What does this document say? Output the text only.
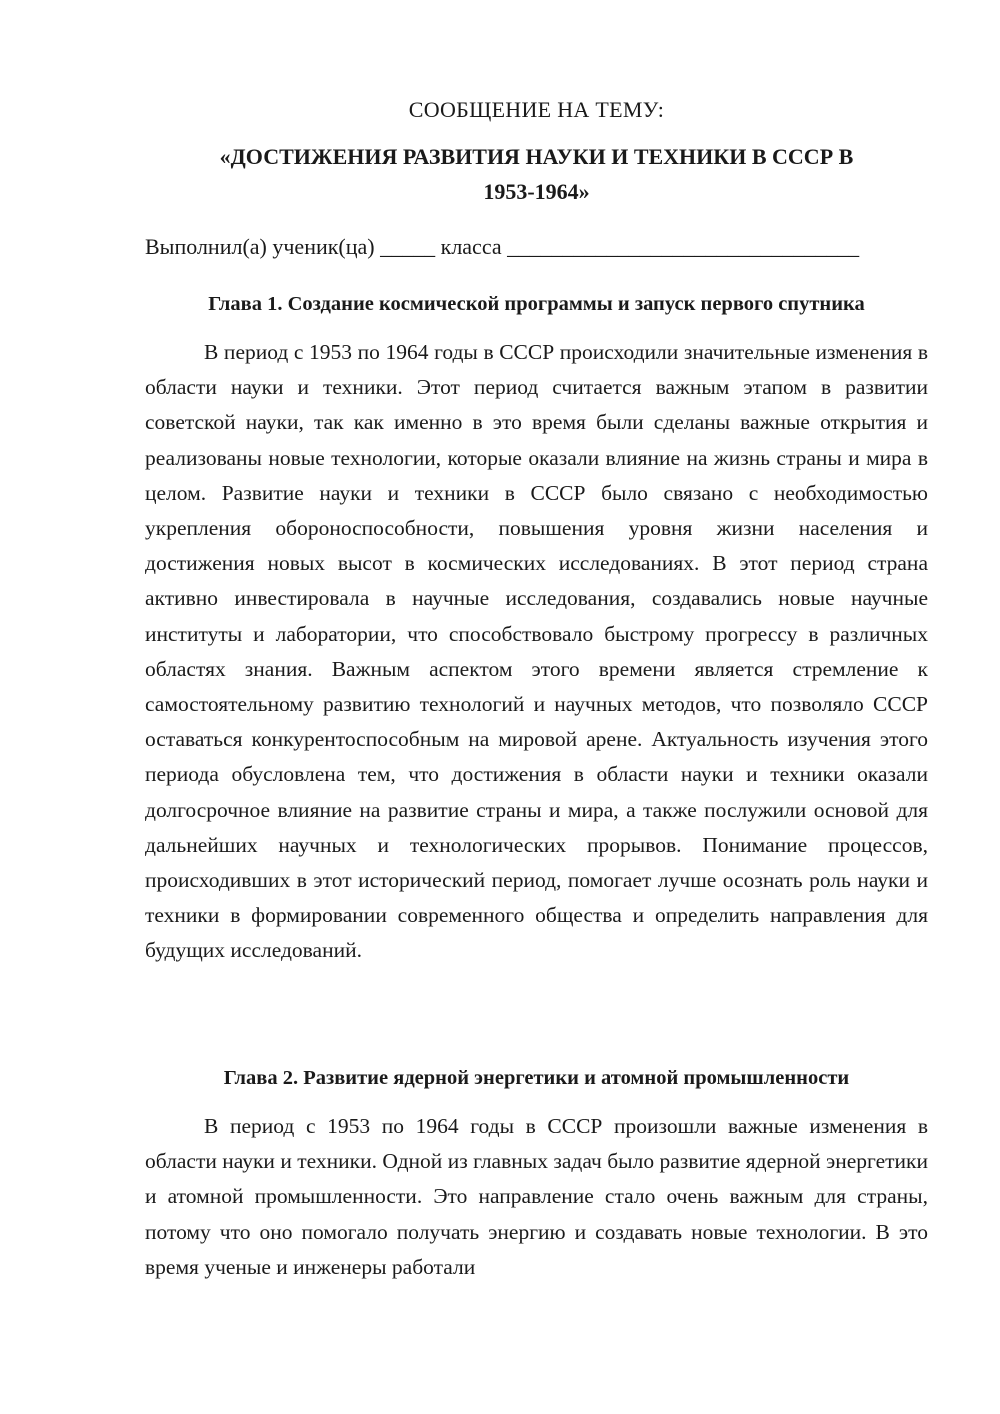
СООБЩЕНИЕ НА ТЕМУ:
«ДОСТИЖЕНИЯ РАЗВИТИЯ НАУКИ И ТЕХНИКИ В СССР В
1953-1964»
Выполнил(а) ученик(ца) _____ класса ________________________________
Глава 1. Создание космической программы и запуск первого спутника

В период с 1953 по 1964 годы в СССР происходили значительные изменения в области науки и техники. Этот период считается важным этапом в развитии советской науки, так как именно в это время были сделаны важные открытия и реализованы новые технологии, которые оказали влияние на жизнь страны и мира в целом. Развитие науки и техники в СССР было связано с необходимостью укрепления обороноспособности, повышения уровня жизни населения и достижения новых высот в космических исследованиях. В этот период страна активно инвестировала в научные исследования, создавались новые научные институты и лаборатории, что способствовало быстрому прогрессу в различных областях знания. Важным аспектом этого времени является стремление к самостоятельному развитию технологий и научных методов, что позволяло СССР оставаться конкурентоспособным на мировой арене. Актуальность изучения этого периода обусловлена тем, что достижения в области науки и техники оказали долгосрочное влияние на развитие страны и мира, а также послужили основой для дальнейших научных и технологических прорывов. Понимание процессов, происходивших в этот исторический период, помогает лучше осознать роль науки и техники в формировании современного общества и определить направления для будущих исследований.

Глава 2. Развитие ядерной энергетики и атомной промышленности

В период с 1953 по 1964 годы в СССР произошли важные изменения в области науки и техники. Одной из главных задач было развитие ядерной энергетики и атомной промышленности. Это направление стало очень важным для страны, потому что оно помогало получать энергию и создавать новые технологии. В это время ученые и инженеры работали
